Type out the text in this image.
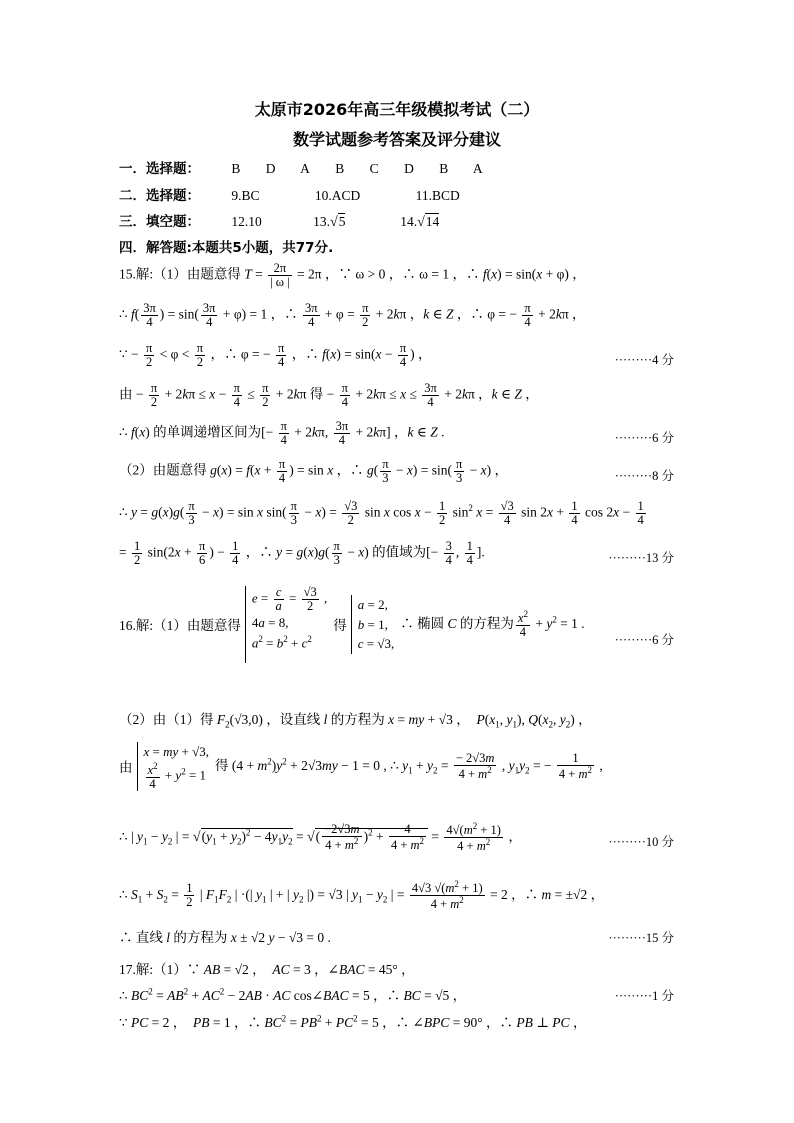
太原市2026年高三年级模拟考试（二）
数学试题参考答案及评分建议
一．选择题： B D A B C D B A
二．选择题： 9.BC	10.ACD	11.BCD
三．填空题： 12.10	13.√5	14.√14
四．解答题:本题共5小题，共77分.
15.解:（1）由题意得 $T = \frac{2\pi}{| \omega |} = 2\pi$ ，∵ ω > 0 ，∴ ω = 1 ，∴ f(x) = sin(x + φ) ，
∴ $f( \frac{3\pi}{4}$ ) = $\sin( \frac{3\pi}{4} + \varphi) = 1$ ，∴ $\frac{3\pi}{4} + \varphi = \frac{\pi}{2} + 2k\pi$ ，k ∈ Z ，∴ φ = − $\frac{\pi}{4} + 2k\pi$ ，
∵ − $\frac{\pi}{2} < \varphi < \frac{\pi}{2}$ ，∴ φ = − $\frac{\pi}{4}$ ，∴ $f(x) = \sin(x - \frac{\pi}{4}$ ) ，	·········4 分
由 − $\frac{\pi}{2} + 2k\pi \le x - \frac{\pi}{4} \le \frac{\pi}{2} + 2k\pi$ 得 − $\frac{\pi}{4} + 2k\pi \le x \le \frac{3\pi}{4} + 2k\pi$ ，k ∈ Z ，
∴ f(x) 的单调递增区间为[− $\frac{\pi}{4} + 2k\pi$, $\frac{3\pi}{4} + 2k\pi$] ，k ∈ Z .	·········6 分
（2）由题意得 $g(x) = f(x + \frac{\pi}{4}$ ) = sin x ，∴ $g( \frac{\pi}{3} - x) = \sin( \frac{\pi}{3} - x)$ ，	·········8 分
∴ $y = g(x)g( \frac{\pi}{3} - x) = \sin x$ $\sin( \frac{\pi}{3} - x) = \frac{√3}{2}$ sin x $\cos x - \frac{1}{2} \sin^2 x = \frac{√3}{4}$ $\sin 2x + \frac{1}{4}$ $\cos 2x - \frac{1}{4}$
= $\frac{1}{2} \sin(2x + \frac{\pi}{6}$ ) − $\frac{1}{4}$ ，∴ $y = g(x)g( \frac{\pi}{3} - x)$ 的值域为[− $\frac{3}{4}$ , $\frac{1}{4}$ ].	·········13 分
16.解:（1）由题意得$e = \frac{c}{a} = \frac{√3}{2}$ ,
4a = 8,
$a^2 = b^2 + c^2$得a = 2,
b = 1,
c = √3,∴ 椭圆 C 的方程为 $\frac{x^2}{4} + y^2 = 1$ .
·········6 分
（2）由（1）得 $F_2(√3,0)$ ，设直线 l 的方程为 x = my + √3 ，  $P(x_1$, $y_1$), $Q(x_2$, $y_2$) ，
由x = my + √3,

$\frac{x^2}{4} + y^2 = 1$得 $(4 + m^2)y^2 + 2√3my - 1 = 0$ , ∴ $y_1 + y_2 = \frac{- 2√3m}{4 + m^2}$ , $y_1y_2$ = − $\frac{1}{4 + m^2}$ ,
∴ | $y_1 - y_2$ | = $√(y_1 + y_2)^2 - 4y_1y_2$ = √( $\frac{-2√3m}{4 + m^2} )^2 + \frac{4}{4 + m^2} = \frac{4√(m^2 + 1)}{4 + m^2}$ ，	·········10 分
∴ $S_1 + S_2 = \frac{1}{2}$ | $F_1F_2$ | ·(| $y_1$ | + | $y_2$ |) = √3 | $y_1 - y_2$ | = $\frac{4√3 √(m^2 + 1)}{4 + m^2} = 2$ ，∴ m = ±√2 ，
∴ 直线 l 的方程为 x ± √2 y − √3 = 0 .	·········15 分
17.解:（1）∵ AB = √2 ，  AC = 3 ，∠BAC = 45° ，
∴ $BC^2 = AB^2 + AC^2 - 2AB$ · AC cos∠BAC = 5 ，∴ BC = √5 ，	·········1 分
∵ PC = 2 ，  PB = 1 ，∴ $BC^2 = PB^2 + PC^2 = 5$ ，∴ ∠BPC = 90° ，∴ PB ⊥ PC ，
